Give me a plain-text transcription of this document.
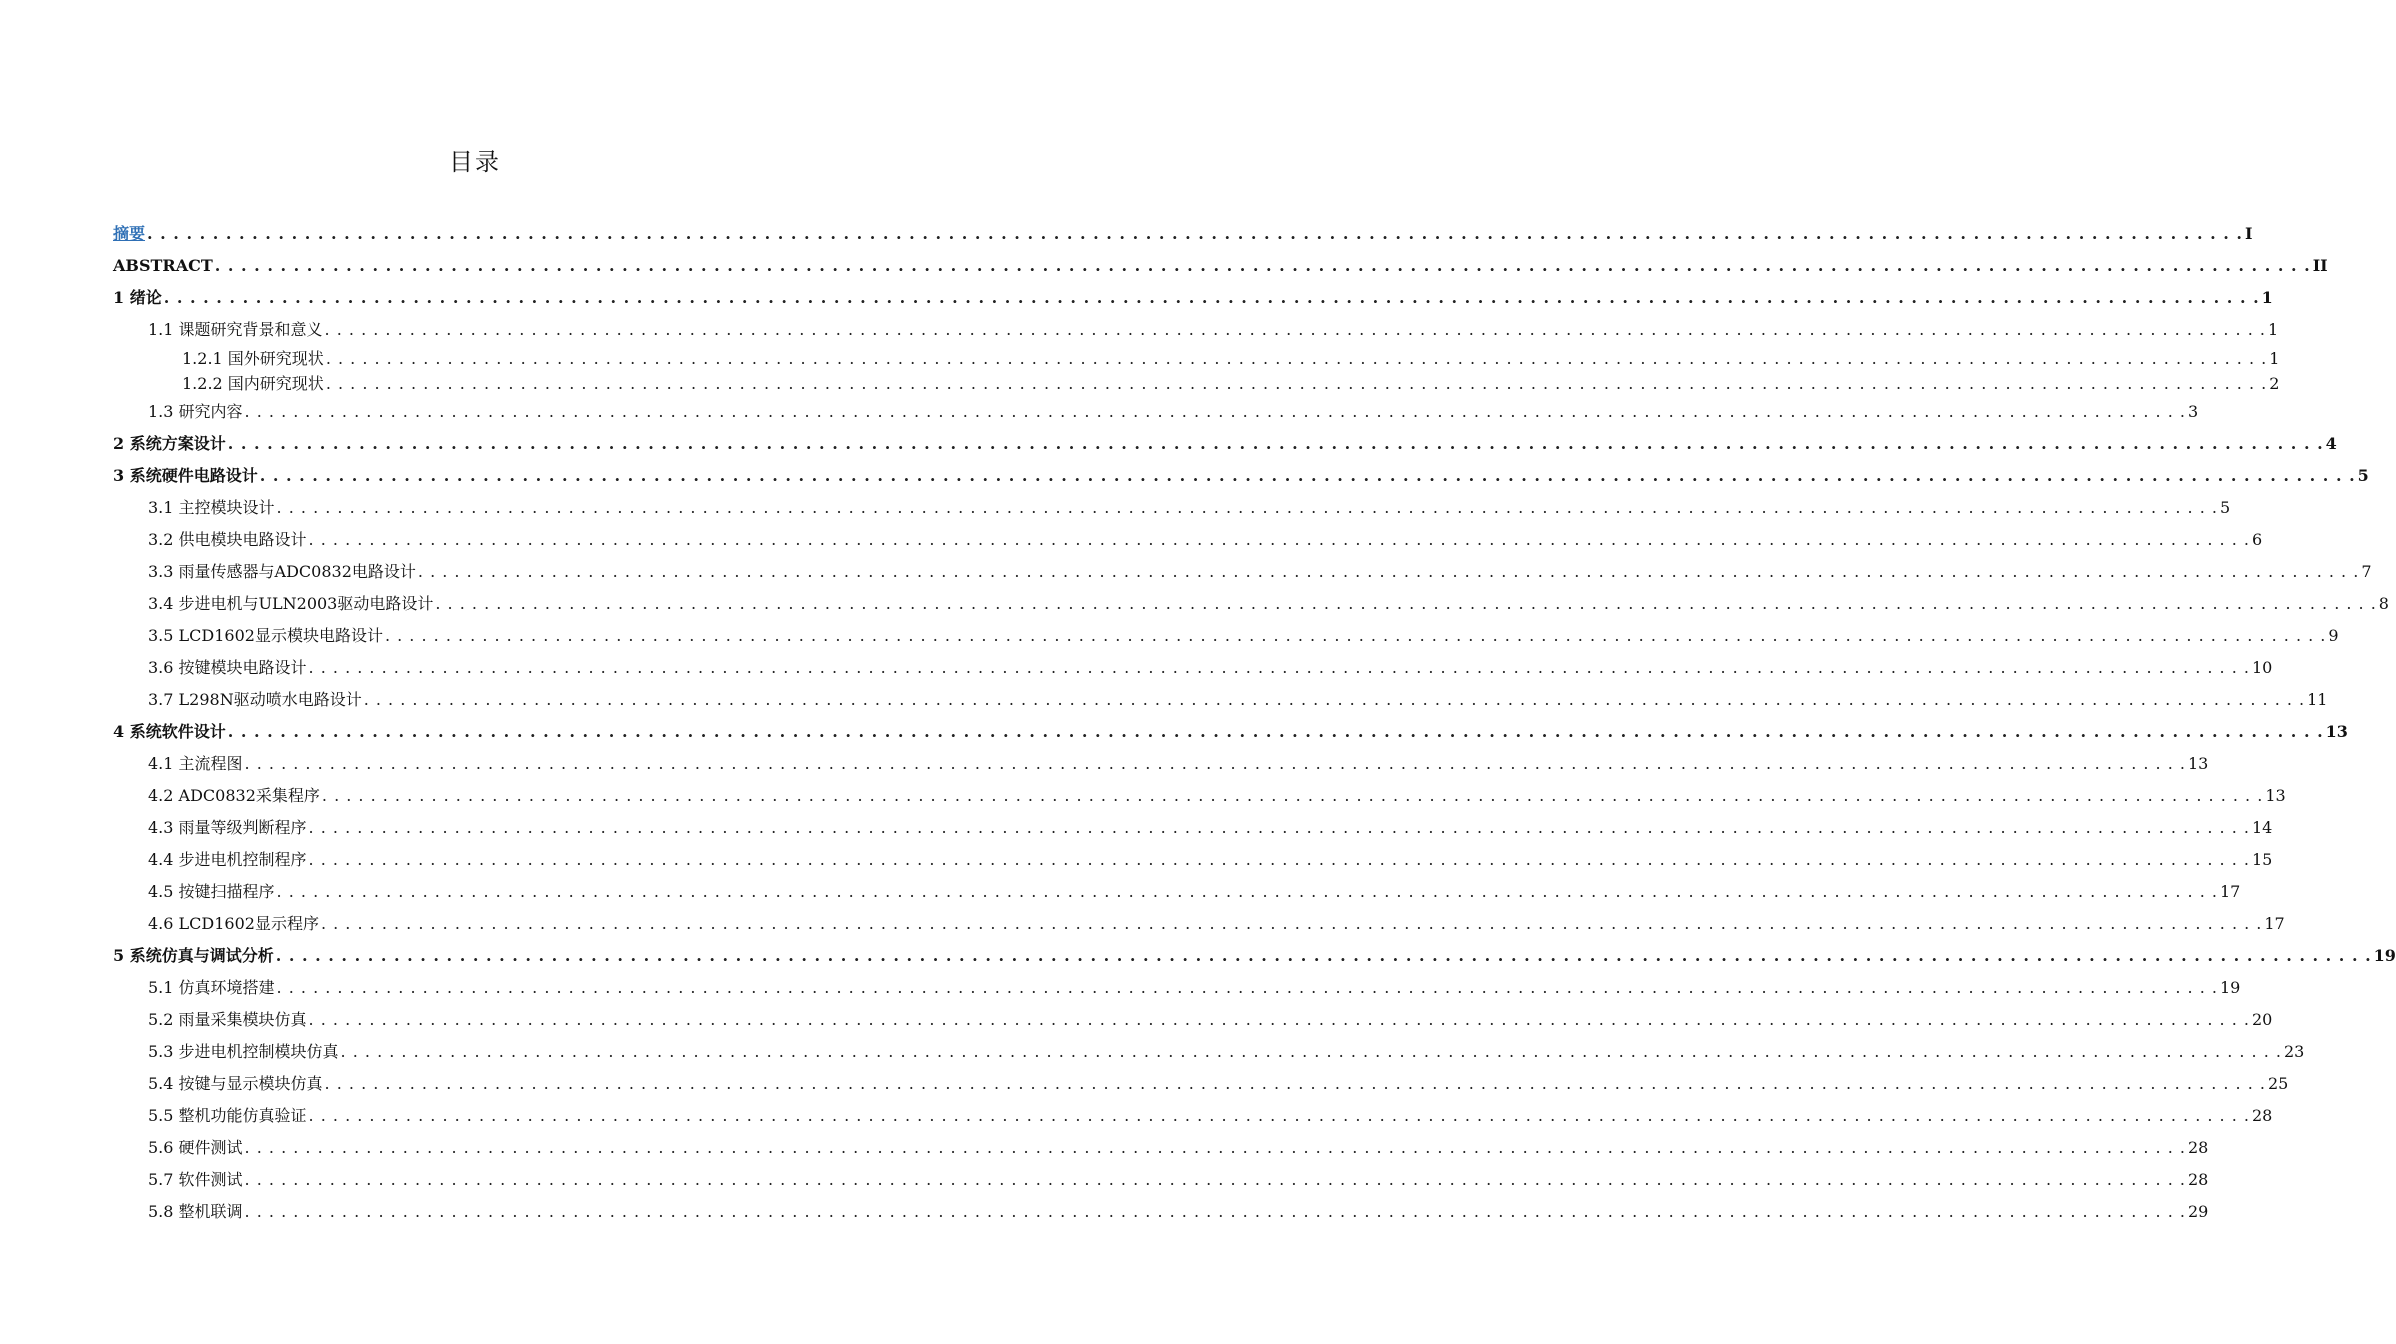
目录
摘要 . . . . . . . . . . . . . . . . . . . . . . . . . . . . . . . . . . . . . . . . . . . . . . . . . . . . . . . . . . . . . . . . . . . . . . . . . . . . . . . . . . . . . . . . . . . . . . . . . . . . . . . . . . . . . . . . . . . . . . . . . . . . . . . . . . . . . . . . . . . . . . . . . . . . . . . . . . . . . . . . I
ABSTRACT . . . . . . . . . . . . . . . . . . . . . . . . . . . . . . . . . . . . . . . . . . . . . . . . . . . . . . . . . . . . . . . . . . . . . . . . . . . . . . . . . . . . . . . . . . . . . . . . . . . . . . . . . . . . . . . . . . . . . . . . . . . . . . . . . . . . . . . . . . . . . . . . . . . . . . . . . . . . . . . . II
1 绪论 . . . . . . . . . . . . . . . . . . . . . . . . . . . . . . . . . . . . . . . . . . . . . . . . . . . . . . . . . . . . . . . . . . . . . . . . . . . . . . . . . . . . . . . . . . . . . . . . . . . . . . . . . . . . . . . . . . . . . . . . . . . . . . . . . . . . . . . . . . . . . . . . . . . . . . . . . . . . . . . . 1
1.1 课题研究背景和意义 . . . . . . . . . . . . . . . . . . . . . . . . . . . . . . . . . . . . . . . . . . . . . . . . . . . . . . . . . . . . . . . . . . . . . . . . . . . . . . . . . . . . . . . . . . . . . . . . . . . . . . . . . . . . . . . . . . . . . . . . . . . . . . . . . . . . . . . . . . . . . . . . . . . . . . . . . . . . . . . . 1
1.2.1 国外研究现状 . . . . . . . . . . . . . . . . . . . . . . . . . . . . . . . . . . . . . . . . . . . . . . . . . . . . . . . . . . . . . . . . . . . . . . . . . . . . . . . . . . . . . . . . . . . . . . . . . . . . . . . . . . . . . . . . . . . . . . . . . . . . . . . . . . . . . . . . . . . . . . . . . . . . . . . . . . . . . . . . 1
1.2.2 国内研究现状 . . . . . . . . . . . . . . . . . . . . . . . . . . . . . . . . . . . . . . . . . . . . . . . . . . . . . . . . . . . . . . . . . . . . . . . . . . . . . . . . . . . . . . . . . . . . . . . . . . . . . . . . . . . . . . . . . . . . . . . . . . . . . . . . . . . . . . . . . . . . . . . . . . . . . . . . . . . . . . . . 2
1.3 研究内容 . . . . . . . . . . . . . . . . . . . . . . . . . . . . . . . . . . . . . . . . . . . . . . . . . . . . . . . . . . . . . . . . . . . . . . . . . . . . . . . . . . . . . . . . . . . . . . . . . . . . . . . . . . . . . . . . . . . . . . . . . . . . . . . . . . . . . . . . . . . . . . . . . . . . . . . . . . . . . . . . 3
2 系统方案设计 . . . . . . . . . . . . . . . . . . . . . . . . . . . . . . . . . . . . . . . . . . . . . . . . . . . . . . . . . . . . . . . . . . . . . . . . . . . . . . . . . . . . . . . . . . . . . . . . . . . . . . . . . . . . . . . . . . . . . . . . . . . . . . . . . . . . . . . . . . . . . . . . . . . . . . . . . . . . . . . . 4
3 系统硬件电路设计 . . . . . . . . . . . . . . . . . . . . . . . . . . . . . . . . . . . . . . . . . . . . . . . . . . . . . . . . . . . . . . . . . . . . . . . . . . . . . . . . . . . . . . . . . . . . . . . . . . . . . . . . . . . . . . . . . . . . . . . . . . . . . . . . . . . . . . . . . . . . . . . . . . . . . . . . . . . . . . . . 5
3.1 主控模块设计 . . . . . . . . . . . . . . . . . . . . . . . . . . . . . . . . . . . . . . . . . . . . . . . . . . . . . . . . . . . . . . . . . . . . . . . . . . . . . . . . . . . . . . . . . . . . . . . . . . . . . . . . . . . . . . . . . . . . . . . . . . . . . . . . . . . . . . . . . . . . . . . . . . . . . . . . . . . . . . . . 5
3.2 供电模块电路设计 . . . . . . . . . . . . . . . . . . . . . . . . . . . . . . . . . . . . . . . . . . . . . . . . . . . . . . . . . . . . . . . . . . . . . . . . . . . . . . . . . . . . . . . . . . . . . . . . . . . . . . . . . . . . . . . . . . . . . . . . . . . . . . . . . . . . . . . . . . . . . . . . . . . . . . . . . . . . . . . . 6
3.3 雨量传感器与ADC0832电路设计 . . . . . . . . . . . . . . . . . . . . . . . . . . . . . . . . . . . . . . . . . . . . . . . . . . . . . . . . . . . . . . . . . . . . . . . . . . . . . . . . . . . . . . . . . . . . . . . . . . . . . . . . . . . . . . . . . . . . . . . . . . . . . . . . . . . . . . . . . . . . . . . . . . . . . . . . . . . . . . . . 7
3.4 步进电机与ULN2003驱动电路设计 . . . . . . . . . . . . . . . . . . . . . . . . . . . . . . . . . . . . . . . . . . . . . . . . . . . . . . . . . . . . . . . . . . . . . . . . . . . . . . . . . . . . . . . . . . . . . . . . . . . . . . . . . . . . . . . . . . . . . . . . . . . . . . . . . . . . . . . . . . . . . . . . . . . . . . . . . . . . . . . . 8
3.5 LCD1602显示模块电路设计 . . . . . . . . . . . . . . . . . . . . . . . . . . . . . . . . . . . . . . . . . . . . . . . . . . . . . . . . . . . . . . . . . . . . . . . . . . . . . . . . . . . . . . . . . . . . . . . . . . . . . . . . . . . . . . . . . . . . . . . . . . . . . . . . . . . . . . . . . . . . . . . . . . . . . . . . . . . . . . . . 9
3.6 按键模块电路设计 . . . . . . . . . . . . . . . . . . . . . . . . . . . . . . . . . . . . . . . . . . . . . . . . . . . . . . . . . . . . . . . . . . . . . . . . . . . . . . . . . . . . . . . . . . . . . . . . . . . . . . . . . . . . . . . . . . . . . . . . . . . . . . . . . . . . . . . . . . . . . . . . . . . . . . . . . . . . . . . . 10
3.7 L298N驱动喷水电路设计 . . . . . . . . . . . . . . . . . . . . . . . . . . . . . . . . . . . . . . . . . . . . . . . . . . . . . . . . . . . . . . . . . . . . . . . . . . . . . . . . . . . . . . . . . . . . . . . . . . . . . . . . . . . . . . . . . . . . . . . . . . . . . . . . . . . . . . . . . . . . . . . . . . . . . . . . . . . . . . . . 11
4 系统软件设计 . . . . . . . . . . . . . . . . . . . . . . . . . . . . . . . . . . . . . . . . . . . . . . . . . . . . . . . . . . . . . . . . . . . . . . . . . . . . . . . . . . . . . . . . . . . . . . . . . . . . . . . . . . . . . . . . . . . . . . . . . . . . . . . . . . . . . . . . . . . . . . . . . . . . . . . . . . . . . . . . 13
4.1 主流程图 . . . . . . . . . . . . . . . . . . . . . . . . . . . . . . . . . . . . . . . . . . . . . . . . . . . . . . . . . . . . . . . . . . . . . . . . . . . . . . . . . . . . . . . . . . . . . . . . . . . . . . . . . . . . . . . . . . . . . . . . . . . . . . . . . . . . . . . . . . . . . . . . . . . . . . . . . . . . . . . . 13
4.2 ADC0832采集程序 . . . . . . . . . . . . . . . . . . . . . . . . . . . . . . . . . . . . . . . . . . . . . . . . . . . . . . . . . . . . . . . . . . . . . . . . . . . . . . . . . . . . . . . . . . . . . . . . . . . . . . . . . . . . . . . . . . . . . . . . . . . . . . . . . . . . . . . . . . . . . . . . . . . . . . . . . . . . . . . . 13
4.3 雨量等级判断程序 . . . . . . . . . . . . . . . . . . . . . . . . . . . . . . . . . . . . . . . . . . . . . . . . . . . . . . . . . . . . . . . . . . . . . . . . . . . . . . . . . . . . . . . . . . . . . . . . . . . . . . . . . . . . . . . . . . . . . . . . . . . . . . . . . . . . . . . . . . . . . . . . . . . . . . . . . . . . . . . . 14
4.4 步进电机控制程序 . . . . . . . . . . . . . . . . . . . . . . . . . . . . . . . . . . . . . . . . . . . . . . . . . . . . . . . . . . . . . . . . . . . . . . . . . . . . . . . . . . . . . . . . . . . . . . . . . . . . . . . . . . . . . . . . . . . . . . . . . . . . . . . . . . . . . . . . . . . . . . . . . . . . . . . . . . . . . . . . 15
4.5 按键扫描程序 . . . . . . . . . . . . . . . . . . . . . . . . . . . . . . . . . . . . . . . . . . . . . . . . . . . . . . . . . . . . . . . . . . . . . . . . . . . . . . . . . . . . . . . . . . . . . . . . . . . . . . . . . . . . . . . . . . . . . . . . . . . . . . . . . . . . . . . . . . . . . . . . . . . . . . . . . . . . . . . . 17
4.6 LCD1602显示程序 . . . . . . . . . . . . . . . . . . . . . . . . . . . . . . . . . . . . . . . . . . . . . . . . . . . . . . . . . . . . . . . . . . . . . . . . . . . . . . . . . . . . . . . . . . . . . . . . . . . . . . . . . . . . . . . . . . . . . . . . . . . . . . . . . . . . . . . . . . . . . . . . . . . . . . . . . . . . . . . . 17
5 系统仿真与调试分析 . . . . . . . . . . . . . . . . . . . . . . . . . . . . . . . . . . . . . . . . . . . . . . . . . . . . . . . . . . . . . . . . . . . . . . . . . . . . . . . . . . . . . . . . . . . . . . . . . . . . . . . . . . . . . . . . . . . . . . . . . . . . . . . . . . . . . . . . . . . . . . . . . . . . . . . . . . . . . . . . 19
5.1 仿真环境搭建 . . . . . . . . . . . . . . . . . . . . . . . . . . . . . . . . . . . . . . . . . . . . . . . . . . . . . . . . . . . . . . . . . . . . . . . . . . . . . . . . . . . . . . . . . . . . . . . . . . . . . . . . . . . . . . . . . . . . . . . . . . . . . . . . . . . . . . . . . . . . . . . . . . . . . . . . . . . . . . . . 19
5.2 雨量采集模块仿真 . . . . . . . . . . . . . . . . . . . . . . . . . . . . . . . . . . . . . . . . . . . . . . . . . . . . . . . . . . . . . . . . . . . . . . . . . . . . . . . . . . . . . . . . . . . . . . . . . . . . . . . . . . . . . . . . . . . . . . . . . . . . . . . . . . . . . . . . . . . . . . . . . . . . . . . . . . . . . . . . 20
5.3 步进电机控制模块仿真 . . . . . . . . . . . . . . . . . . . . . . . . . . . . . . . . . . . . . . . . . . . . . . . . . . . . . . . . . . . . . . . . . . . . . . . . . . . . . . . . . . . . . . . . . . . . . . . . . . . . . . . . . . . . . . . . . . . . . . . . . . . . . . . . . . . . . . . . . . . . . . . . . . . . . . . . . . . . . . . . 23
5.4 按键与显示模块仿真 . . . . . . . . . . . . . . . . . . . . . . . . . . . . . . . . . . . . . . . . . . . . . . . . . . . . . . . . . . . . . . . . . . . . . . . . . . . . . . . . . . . . . . . . . . . . . . . . . . . . . . . . . . . . . . . . . . . . . . . . . . . . . . . . . . . . . . . . . . . . . . . . . . . . . . . . . . . . . . . . 25
5.5 整机功能仿真验证 . . . . . . . . . . . . . . . . . . . . . . . . . . . . . . . . . . . . . . . . . . . . . . . . . . . . . . . . . . . . . . . . . . . . . . . . . . . . . . . . . . . . . . . . . . . . . . . . . . . . . . . . . . . . . . . . . . . . . . . . . . . . . . . . . . . . . . . . . . . . . . . . . . . . . . . . . . . . . . . . 28
5.6 硬件测试 . . . . . . . . . . . . . . . . . . . . . . . . . . . . . . . . . . . . . . . . . . . . . . . . . . . . . . . . . . . . . . . . . . . . . . . . . . . . . . . . . . . . . . . . . . . . . . . . . . . . . . . . . . . . . . . . . . . . . . . . . . . . . . . . . . . . . . . . . . . . . . . . . . . . . . . . . . . . . . . . 28
5.7 软件测试 . . . . . . . . . . . . . . . . . . . . . . . . . . . . . . . . . . . . . . . . . . . . . . . . . . . . . . . . . . . . . . . . . . . . . . . . . . . . . . . . . . . . . . . . . . . . . . . . . . . . . . . . . . . . . . . . . . . . . . . . . . . . . . . . . . . . . . . . . . . . . . . . . . . . . . . . . . . . . . . . 28
5.8 整机联调 . . . . . . . . . . . . . . . . . . . . . . . . . . . . . . . . . . . . . . . . . . . . . . . . . . . . . . . . . . . . . . . . . . . . . . . . . . . . . . . . . . . . . . . . . . . . . . . . . . . . . . . . . . . . . . . . . . . . . . . . . . . . . . . . . . . . . . . . . . . . . . . . . . . . . . . . . . . . . . . . 29
